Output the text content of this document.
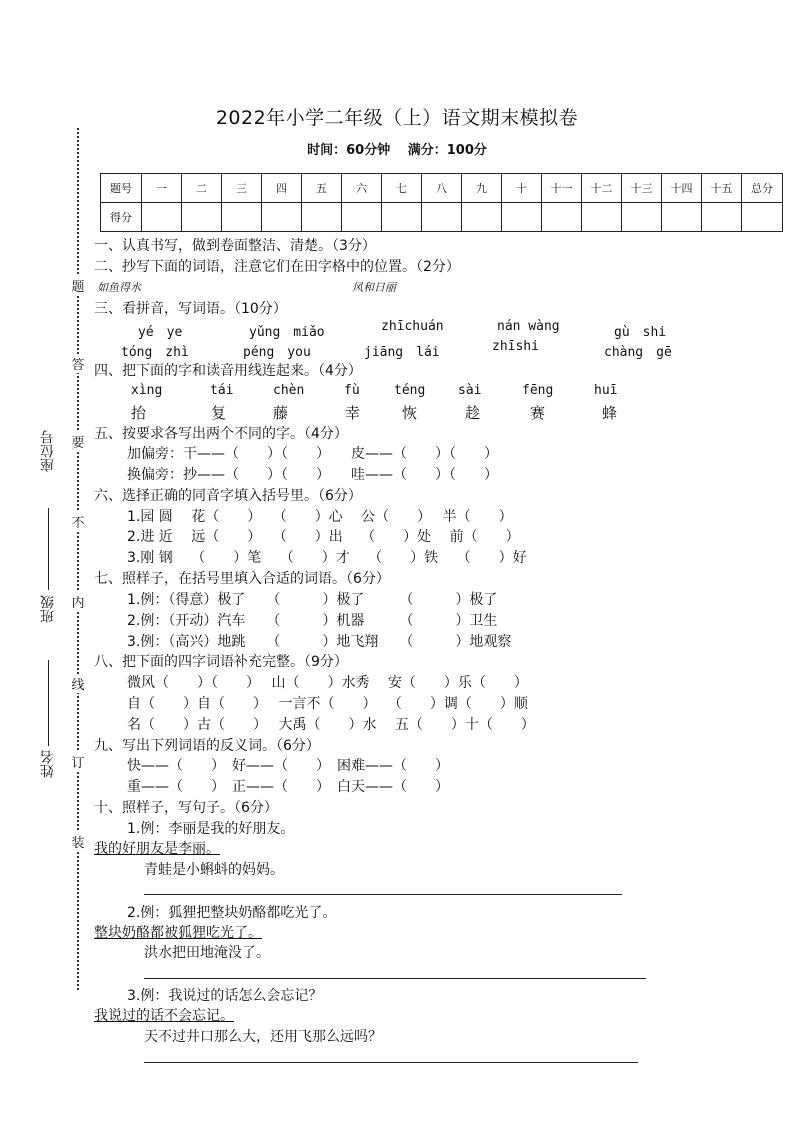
2022年小学二年级（上）语文期末模拟卷
时间：60分钟　 满分：100分
题号	一	二	三	四	五	六	七	八	九	十	十一	十二	十三	十四	十五	总分
得分																
题
答
要
不
内
线
订
装
座位号
班级
姓名
一、认真书写，做到卷面整洁、清楚。（3分）
二、抄写下面的词语，注意它们在田字格中的位置。（2分）
如鱼得水	风和日丽
三、看拼音，写词语。（10分）
yé　ye	yǔng　miǎo	zhīchuán	nán wàng	gù　shi
tóng　zhì	péng　you	jiāng　lái	zhīshi	chàng　gē
四、把下面的字和读音用线连起来。（4分）
xìng	tái	chèn	fù	téng	sài	fēng	huī
抬	复	藤	幸	恢	趁	赛	蜂
五、按要求各写出两个不同的字。（4分）
加偏旁：干——（　　）（　　）　　皮——（　　）（　　）
换偏旁：抄——（　　）（　　）　　哇——（　　）（　　）
六、选择正确的同音字填入括号里。（6分）
1.园 圆　 花（　　）　 （　　）心　 公（　　）　 半（　　）
2.进 近　 远（　　）　 （　　）出　 （　　）处　 前（　　）
3.刚 钢　 （　　）笔　 （　　）才　 （　　）铁　 （　　）好
七、照样子，在括号里填入合适的词语。（6分）
1.例：（得意）极了　　（　　　）极了　　　（　　　）极了
2.例：（开动）汽车　　（　　　）机器　　　（　　　）卫生
3.例：（高兴）地跳　　（　　　）地飞翔　　（　　　）地观察
八、把下面的四字词语补充完整。（9分）
微风（　　）（　　）　 山（　　）水秀　 安（　　）乐（　　）
自（　　）自（　　）　 一言不（　　）　 （　　）调（　　）顺
名（　　）古（　　）　 大禹（　　）水　 五（　　）十（　　）
九、写出下列词语的反义词。（6分）
快——（　　）　好——（　　）　困难——（　　）
重——（　　）　正——（　　）　白天——（　　）
十、照样子，写句子。（6分）
1.例：李丽是我的好朋友。
我的好朋友是李丽。
青蛙是小蝌蚪的妈妈。
2.例：狐狸把整块奶酪都吃光了。
整块奶酪都被狐狸吃光了。
洪水把田地淹没了。
3.例：我说过的话怎么会忘记？
我说过的话不会忘记。
天不过井口那么大，还用飞那么远吗？
